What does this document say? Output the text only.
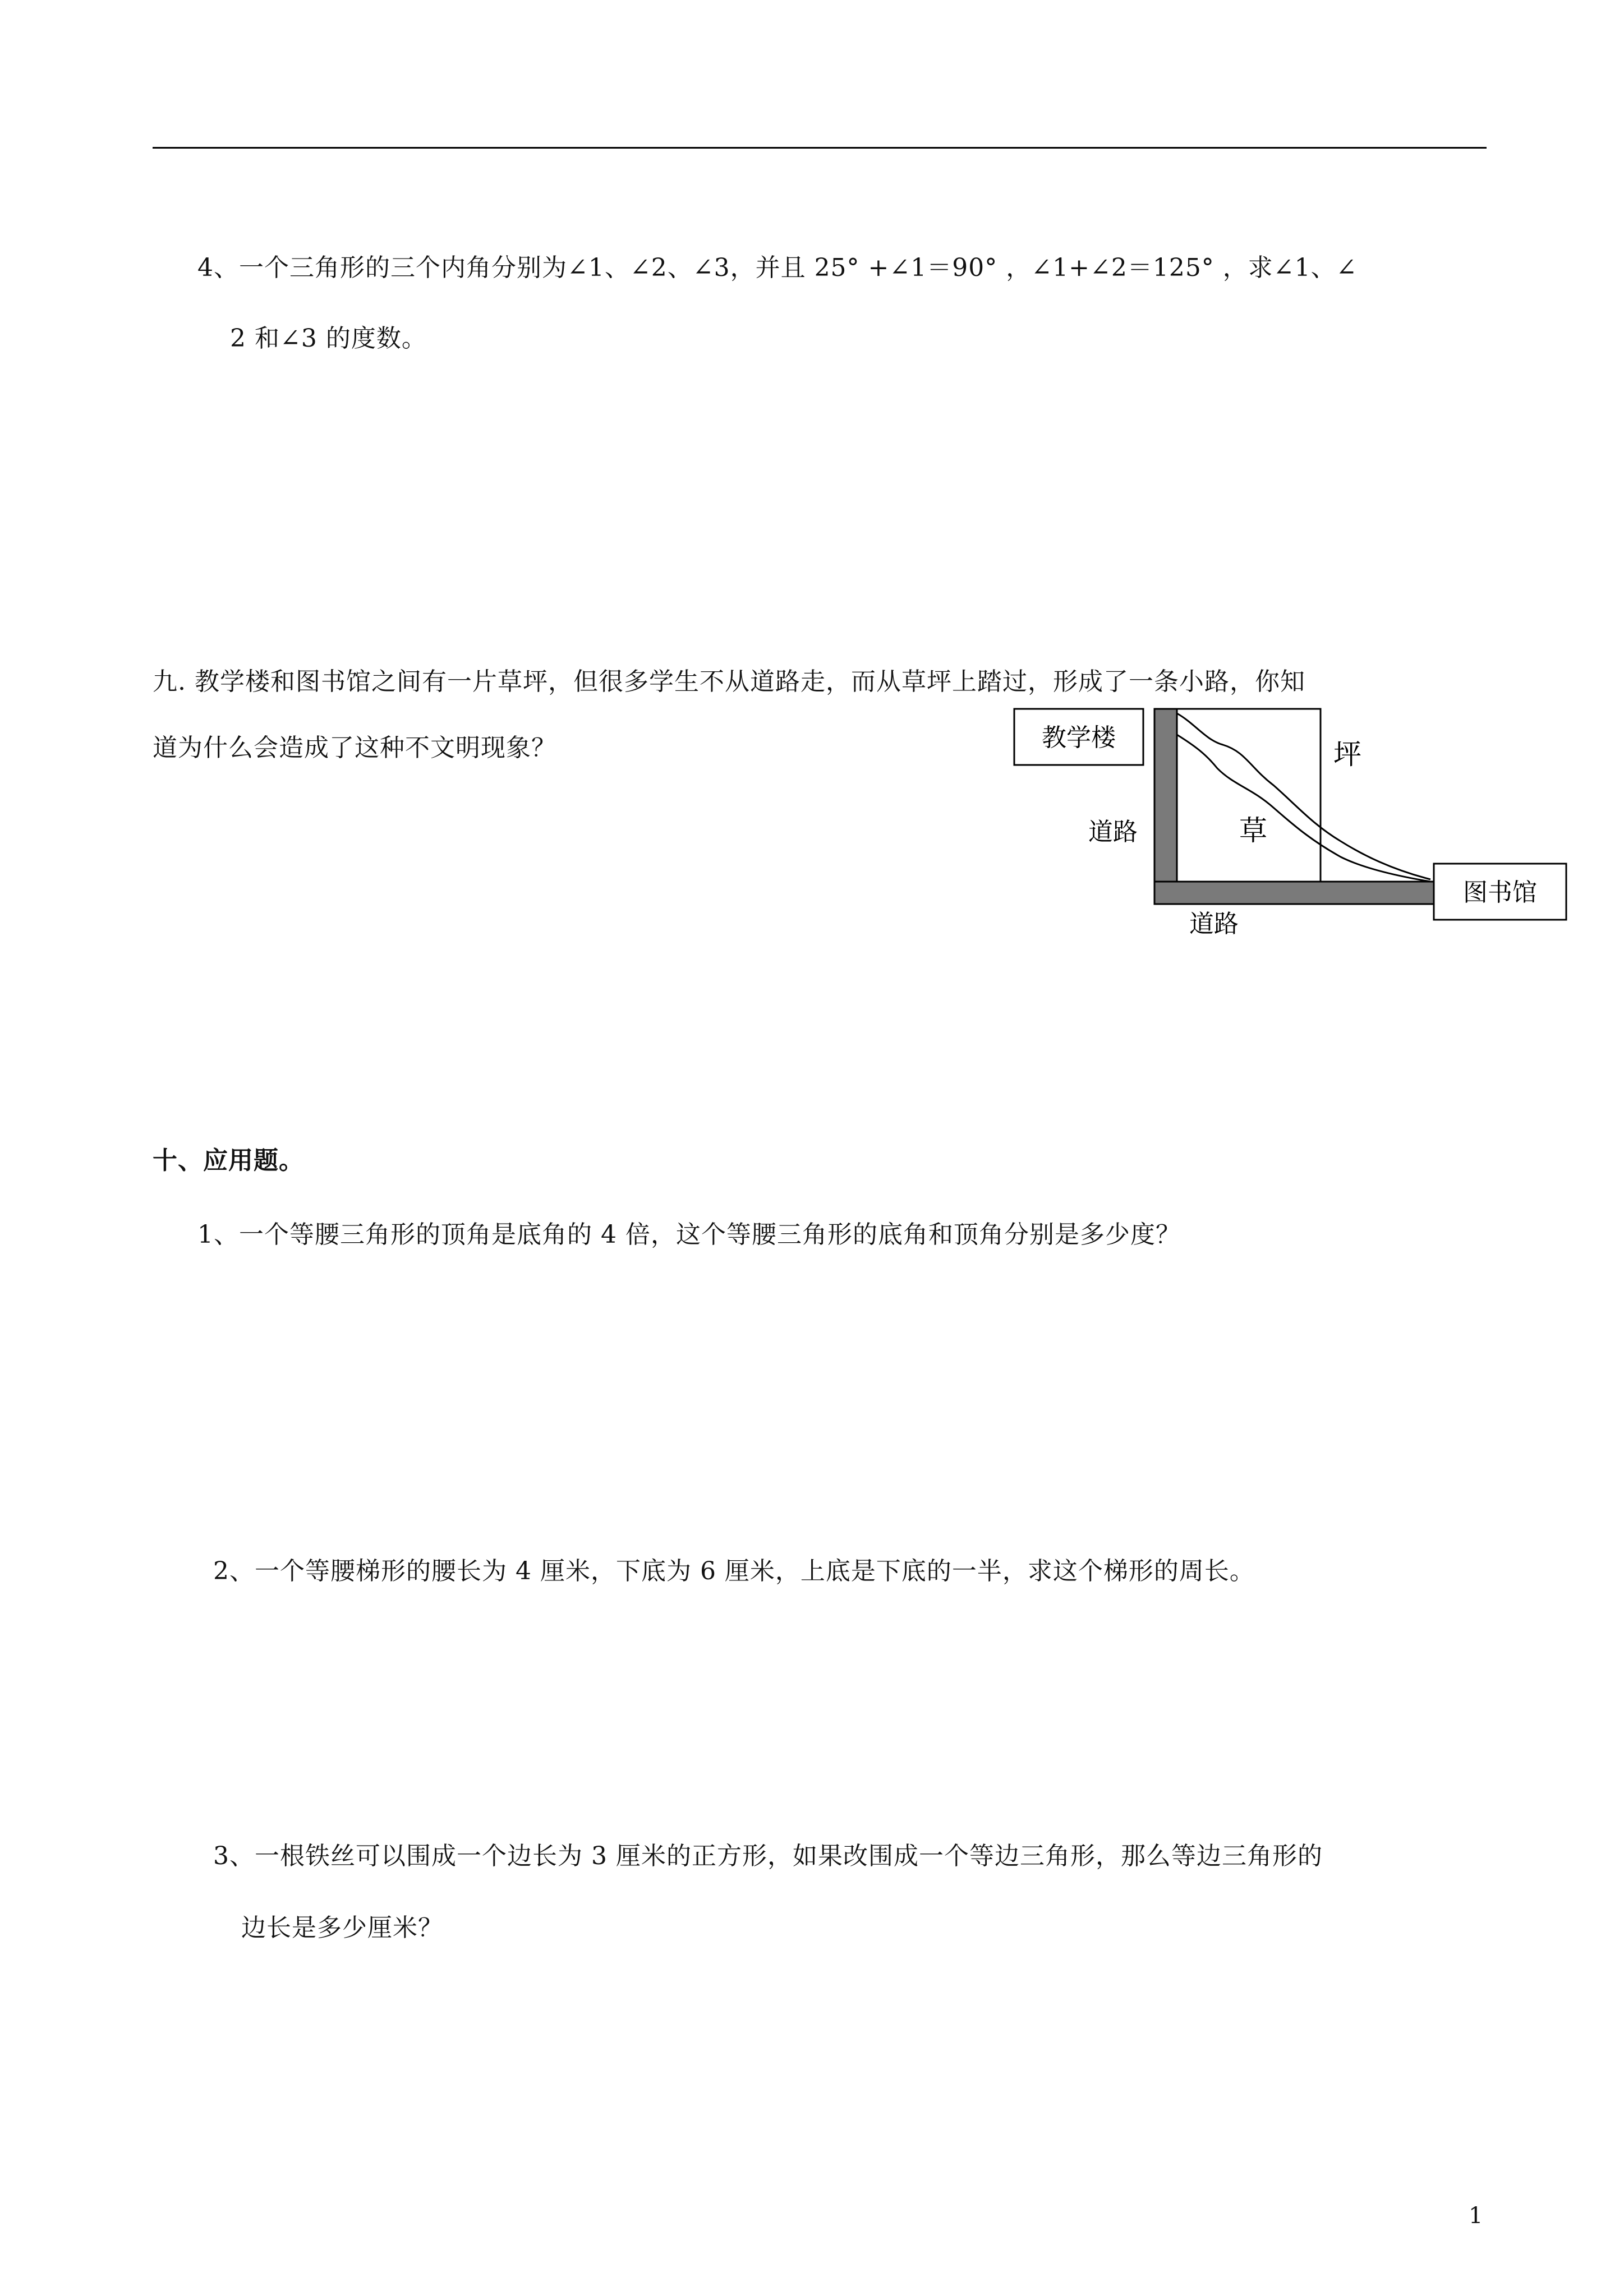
4、一个三角形的三个内角分别为∠1、∠2、∠3，并且 25° +∠1＝90° ，∠1+∠2＝125° ，求∠1、∠
2 和∠3 的度数。
九. 教学楼和图书馆之间有一片草坪，但很多学生不从道路走，而从草坪上踏过，形成了一条小路，你知
道为什么会造成了这种不文明现象？	教学楼
图书馆
道路
道路
坪
草
十、应用题。
1、一个等腰三角形的顶角是底角的 4 倍，这个等腰三角形的底角和顶角分别是多少度？
2、一个等腰梯形的腰长为 4 厘米，下底为 6 厘米，上底是下底的一半，求这个梯形的周长。
3、一根铁丝可以围成一个边长为 3 厘米的正方形，如果改围成一个等边三角形，那么等边三角形的
边长是多少厘米？
1
